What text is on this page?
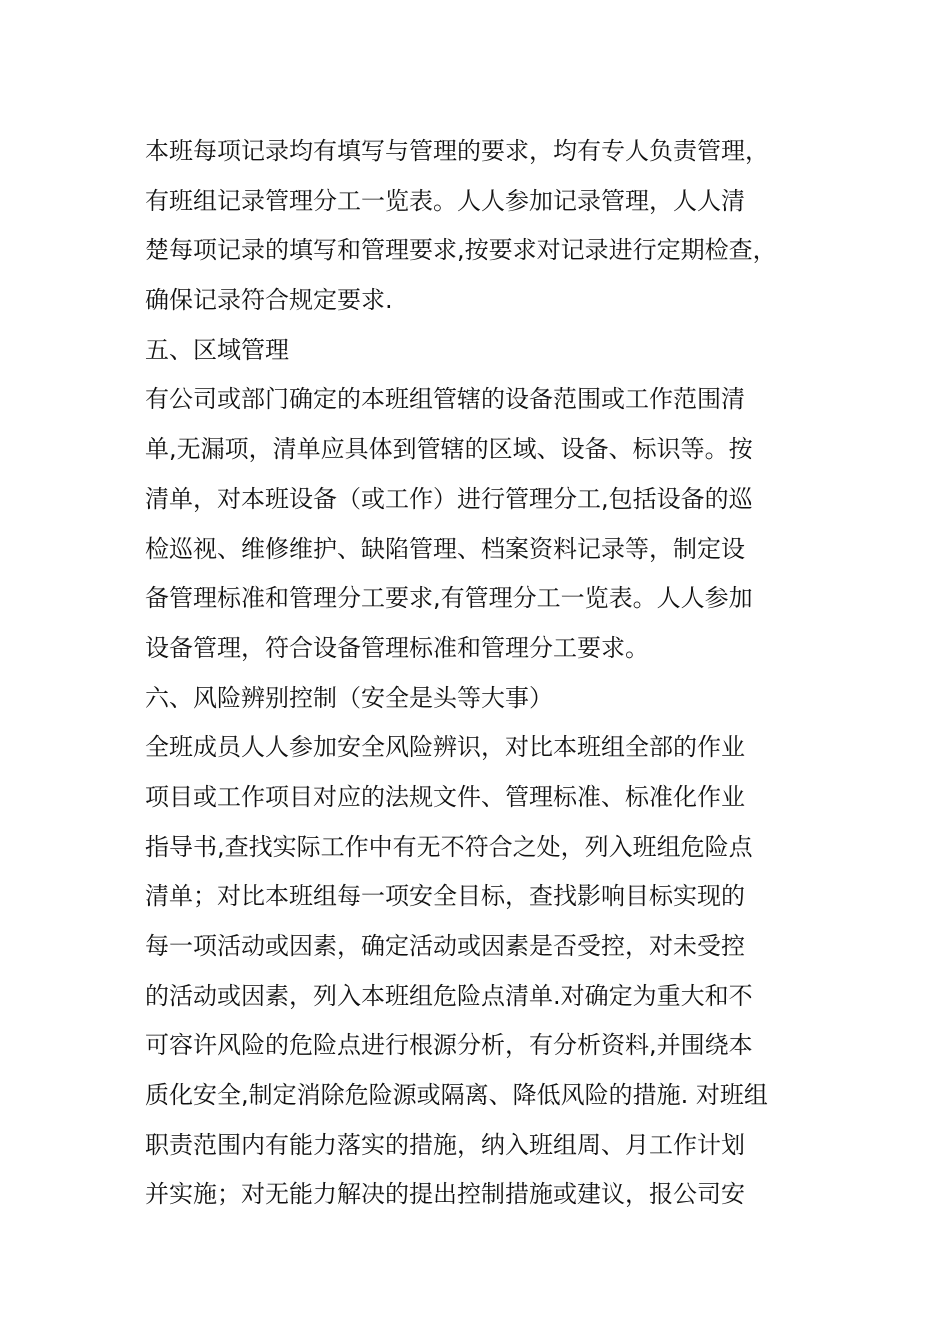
本班每项记录均有填写与管理的要求，均有专人负责管理，
有班组记录管理分工一览表。人人参加记录管理，人人清
楚每项记录的填写和管理要求,按要求对记录进行定期检查，
确保记录符合规定要求.
五、区域管理
有公司或部门确定的本班组管辖的设备范围或工作范围清
单,无漏项，清单应具体到管辖的区域、设备、标识等。按
清单，对本班设备（或工作）进行管理分工,包括设备的巡
检巡视、维修维护、缺陷管理、档案资料记录等，制定设
备管理标准和管理分工要求,有管理分工一览表。人人参加
设备管理，符合设备管理标准和管理分工要求。
六、风险辨别控制（安全是头等大事）
全班成员人人参加安全风险辨识，对比本班组全部的作业
项目或工作项目对应的法规文件、管理标准、标准化作业
指导书,查找实际工作中有无不符合之处，列入班组危险点
清单；对比本班组每一项安全目标，查找影响目标实现的
每一项活动或因素，确定活动或因素是否受控，对未受控
的活动或因素，列入本班组危险点清单.对确定为重大和不
可容许风险的危险点进行根源分析，有分析资料,并围绕本
质化安全,制定消除危险源或隔离、降低风险的措施. 对班组
职责范围内有能力落实的措施，纳入班组周、月工作计划
并实施；对无能力解决的提出控制措施或建议，报公司安
